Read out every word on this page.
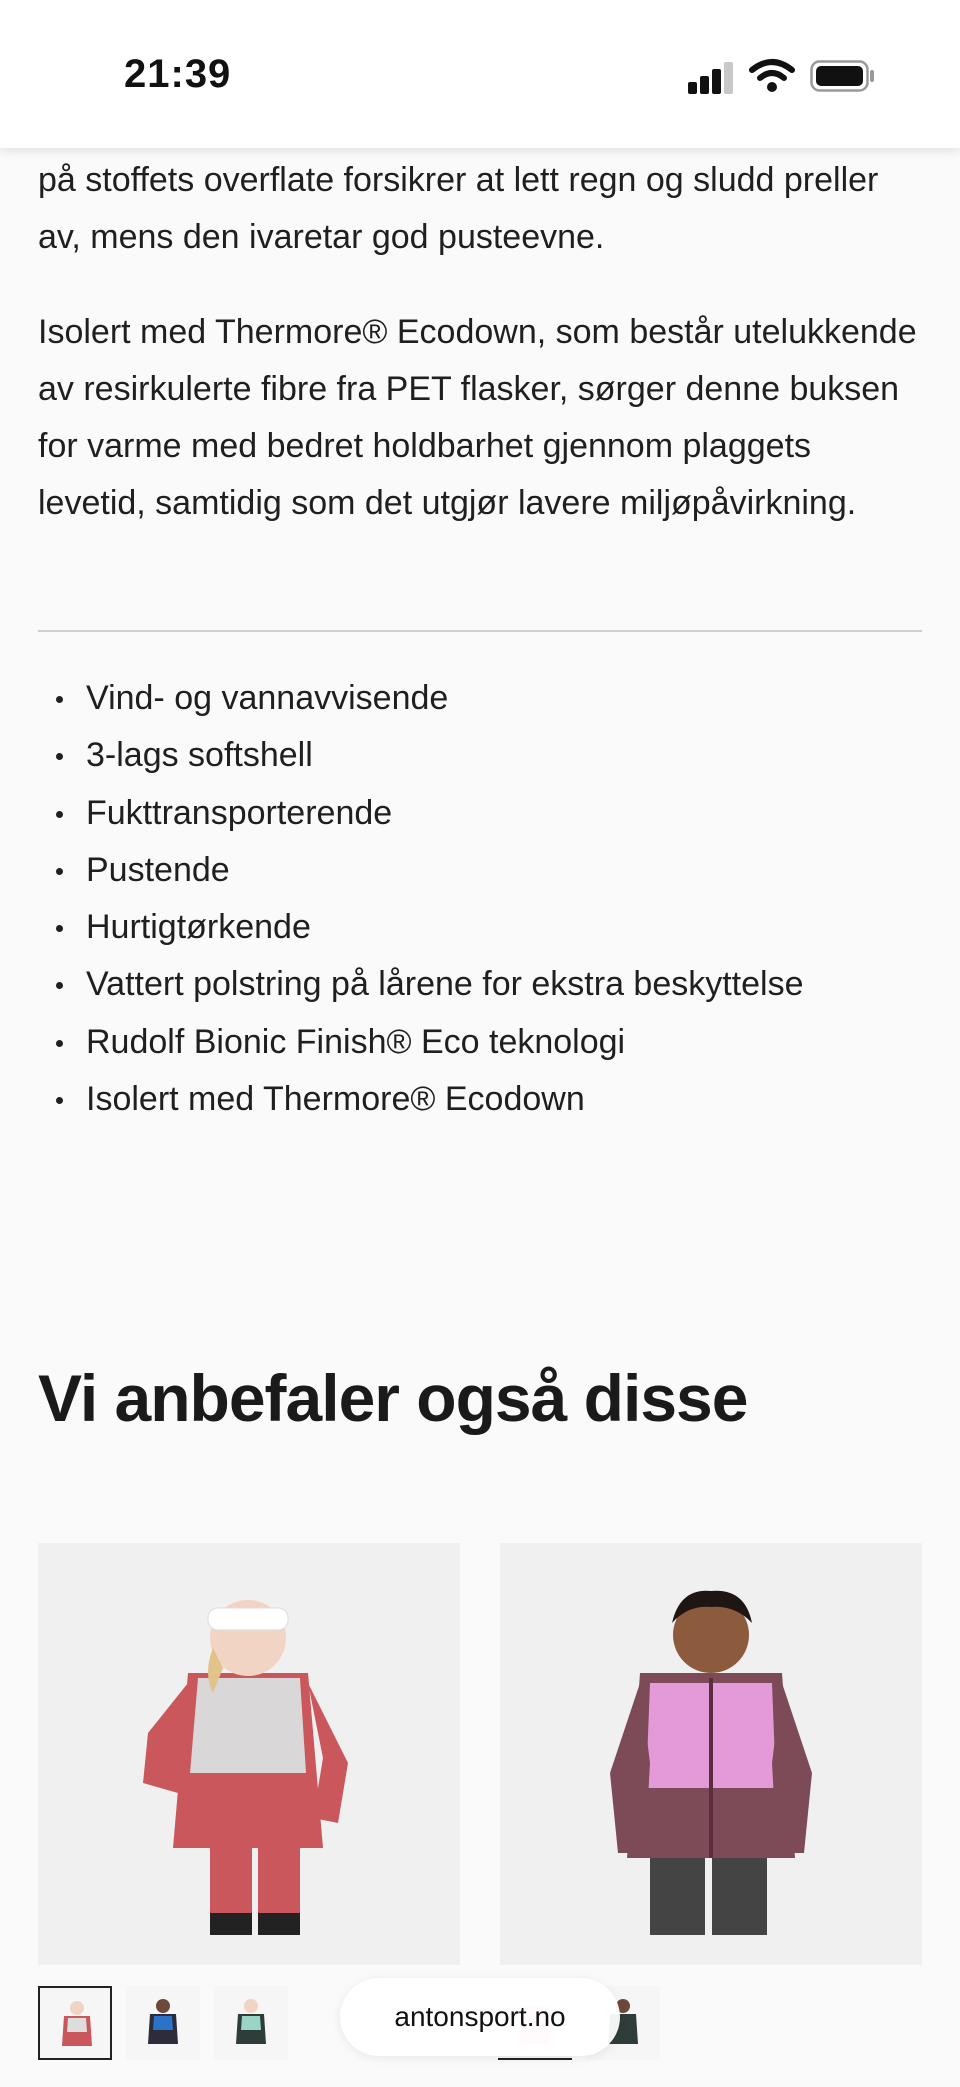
21:39

på stoffets overflate forsikrer at lett regn og sludd preller av, mens den ivaretar god pusteevne.

Isolert med Thermore® Ecodown, som består utelukkende av resirkulerte fibre fra PET flasker, sørger denne buksen for varme med bedret holdbarhet gjennom plaggets levetid, samtidig som det utgjør lavere miljøpåvirkning.

Vind- og vannavvisende
3-lags softshell
Fukttransporterende
Pustende
Hurtigtørkende
Vattert polstring på lårene for ekstra beskyttelse
Rudolf Bionic Finish® Eco teknologi
Isolert med Thermore® Ecodown
Vi anbefaler også disse
antonsport.no
